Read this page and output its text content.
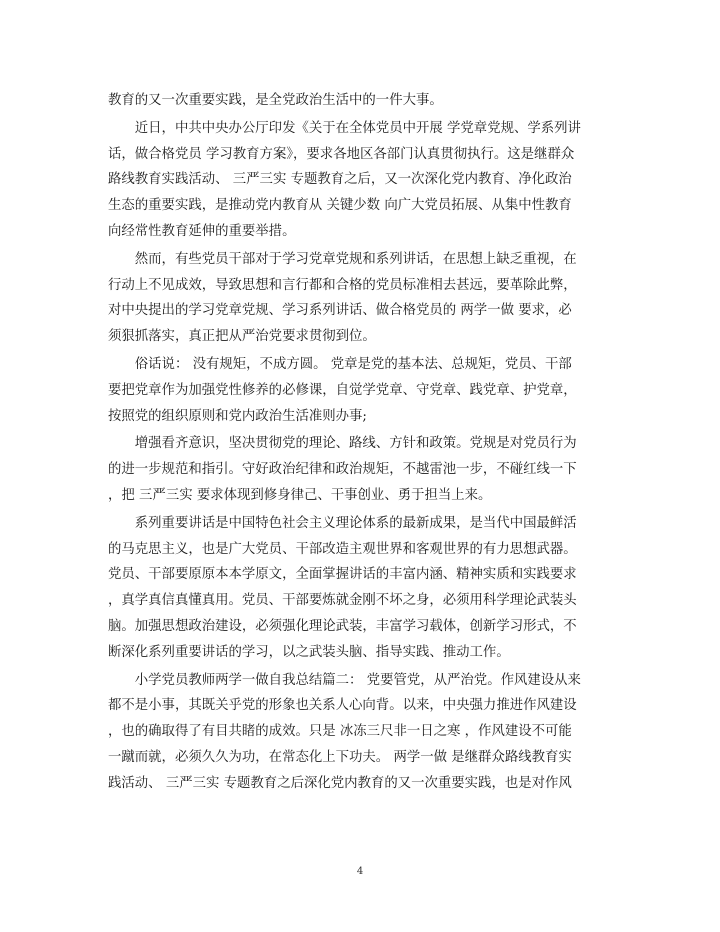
教育的又一次重要实践，是全党政治生活中的一件大事。
　　近日，中共中央办公厅印发《关于在全体党员中开展 学党章党规、学系列讲
话，做合格党员 学习教育方案》，要求各地区各部门认真贯彻执行。这是继群众
路线教育实践活动、 三严三实 专题教育之后，又一次深化党内教育、净化政治
生态的重要实践，是推动党内教育从 关键少数 向广大党员拓展、从集中性教育
向经常性教育延伸的重要举措。
　　然而，有些党员干部对于学习党章党规和系列讲话，在思想上缺乏重视，在
行动上不见成效，导致思想和言行都和合格的党员标准相去甚远，要革除此弊，
对中央提出的学习党章党规、学习系列讲话、做合格党员的 两学一做 要求，必
须狠抓落实，真正把从严治党要求贯彻到位。
　　俗话说： 没有规矩，不成方圆。 党章是党的基本法、总规矩，党员、干部
要把党章作为加强党性修养的必修课，自觉学党章、守党章、践党章、护党章，
按照党的组织原则和党内政治生活准则办事;
　　增强看齐意识，坚决贯彻党的理论、路线、方针和政策。党规是对党员行为
的进一步规范和指引。守好政治纪律和政治规矩，不越雷池一步，不碰红线一下
，把 三严三实 要求体现到修身律己、干事创业、勇于担当上来。
　　系列重要讲话是中国特色社会主义理论体系的最新成果，是当代中国最鲜活
的马克思主义，也是广大党员、干部改造主观世界和客观世界的有力思想武器。
党员、干部要原原本本学原文，全面掌握讲话的丰富内涵、精神实质和实践要求
，真学真信真懂真用。党员、干部要炼就金刚不坏之身，必须用科学理论武装头
脑。加强思想政治建设，必须强化理论武装，丰富学习载体，创新学习形式，不
断深化系列重要讲话的学习，以之武装头脑、指导实践、推动工作。
　　小学党员教师两学一做自我总结篇二： 党要管党，从严治党。作风建设从来
都不是小事，其既关乎党的形象也关系人心向背。以来，中央强力推进作风建设
，也的确取得了有目共睹的成效。只是 冰冻三尺非一日之寒 ，作风建设不可能
一蹴而就，必须久久为功，在常态化上下功夫。 两学一做 是继群众路线教育实
践活动、 三严三实 专题教育之后深化党内教育的又一次重要实践，也是对作风
4
